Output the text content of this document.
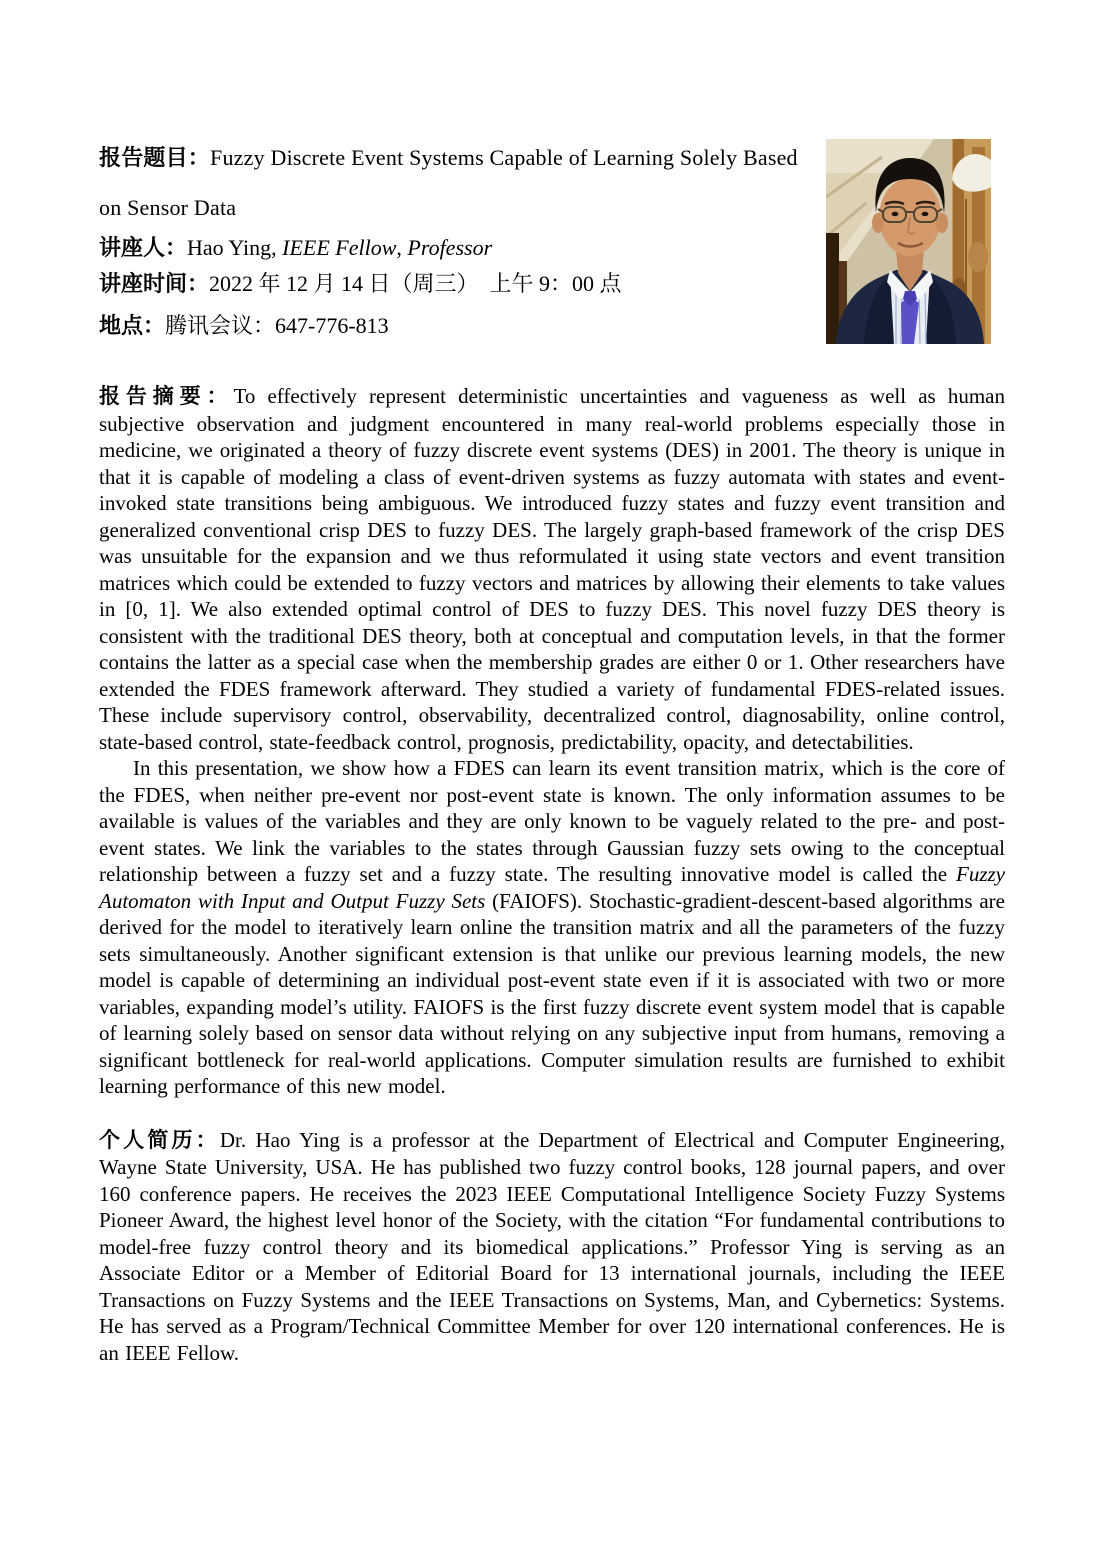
报告题目：Fuzzy Discrete Event Systems Capable of Learning Solely Based on Sensor Data

讲座人：Hao Ying, IEEE Fellow, Professor

讲座时间：2022 年 12 月 14 日（周三）　上午 9：00 点

地点：腾讯会议：647-776-813

报告摘要：To effectively represent deterministic uncertainties and vagueness as well as human subjective observation and judgment encountered in many real-world problems especially those in medicine, we originated a theory of fuzzy discrete event systems (DES) in 2001. The theory is unique in that it is capable of modeling a class of event-driven systems as fuzzy automata with states and event-invoked state transitions being ambiguous. We introduced fuzzy states and fuzzy event transition and generalized conventional crisp DES to fuzzy DES. The largely graph-based framework of the crisp DES was unsuitable for the expansion and we thus reformulated it using state vectors and event transition matrices which could be extended to fuzzy vectors and matrices by allowing their elements to take values in [0, 1]. We also extended optimal control of DES to fuzzy DES. This novel fuzzy DES theory is consistent with the traditional DES theory, both at conceptual and computation levels, in that the former contains the latter as a special case when the membership grades are either 0 or 1. Other researchers have extended the FDES framework afterward. They studied a variety of fundamental FDES-related issues. These include supervisory control, observability, decentralized control, diagnosability, online control, state-based control, state-feedback control, prognosis, predictability, opacity, and detectabilities.

In this presentation, we show how a FDES can learn its event transition matrix, which is the core of the FDES, when neither pre-event nor post-event state is known. The only information assumes to be available is values of the variables and they are only known to be vaguely related to the pre- and post-event states. We link the variables to the states through Gaussian fuzzy sets owing to the conceptual relationship between a fuzzy set and a fuzzy state. The resulting innovative model is called the Fuzzy Automaton with Input and Output Fuzzy Sets (FAIOFS). Stochastic-gradient-descent-based algorithms are derived for the model to iteratively learn online the transition matrix and all the parameters of the fuzzy sets simultaneously. Another significant extension is that unlike our previous learning models, the new model is capable of determining an individual post-event state even if it is associated with two or more variables, expanding model’s utility. FAIOFS is the first fuzzy discrete event system model that is capable of learning solely based on sensor data without relying on any subjective input from humans, removing a significant bottleneck for real-world applications. Computer simulation results are furnished to exhibit learning performance of this new model.

个人简历：Dr. Hao Ying is a professor at the Department of Electrical and Computer Engineering, Wayne State University, USA. He has published two fuzzy control books, 128 journal papers, and over 160 conference papers. He receives the 2023 IEEE Computational Intelligence Society Fuzzy Systems Pioneer Award, the highest level honor of the Society, with the citation “For fundamental contributions to model-free fuzzy control theory and its biomedical applications.” Professor Ying is serving as an Associate Editor or a Member of Editorial Board for 13 international journals, including the IEEE Transactions on Fuzzy Systems and the IEEE Transactions on Systems, Man, and Cybernetics: Systems. He has served as a Program/Technical Committee Member for over 120 international conferences. He is an IEEE Fellow.
